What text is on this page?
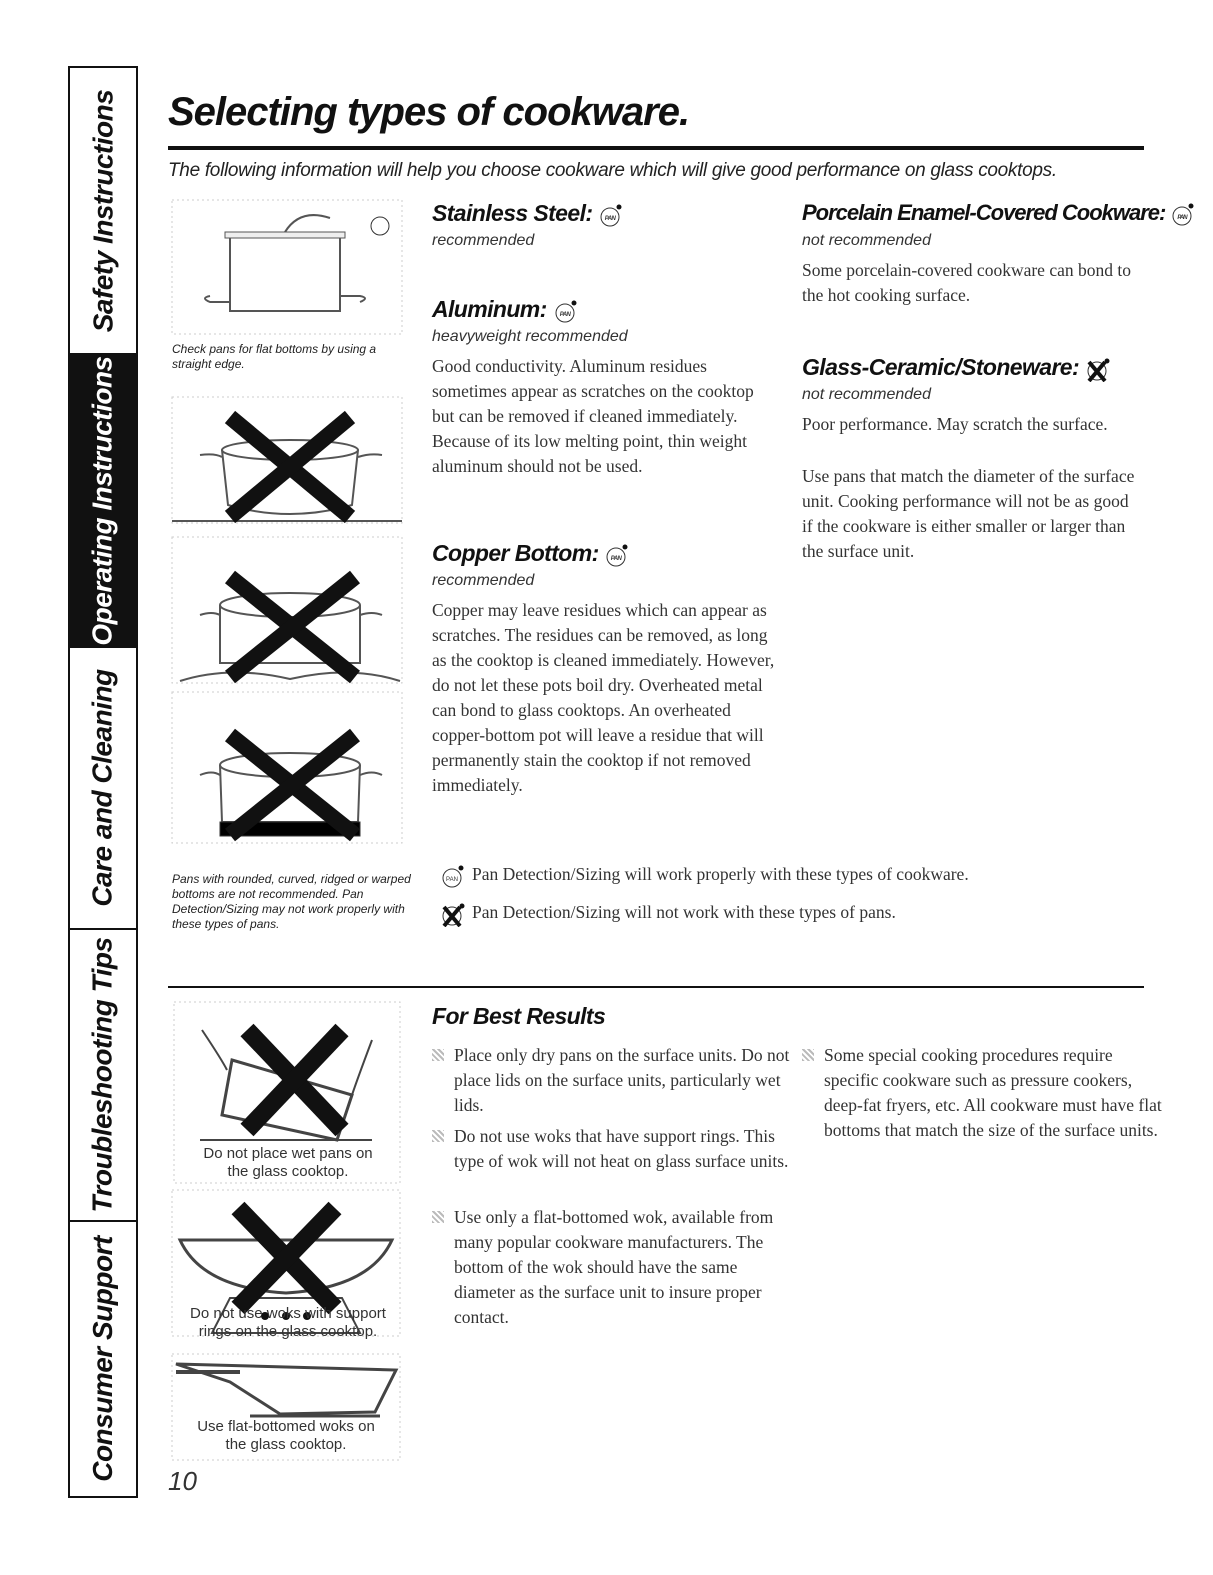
Safety Instructions
Operating Instructions
Care and Cleaning
Troubleshooting Tips
Consumer Support
Selecting types of cookware.
The following information will help you choose cookware which will give good performance on glass cooktops.
Check pans for flat bottoms by using a straight edge.
Pans with rounded, curved, ridged or warped bottoms are not recommended. Pan Detection/Sizing may not work properly with these types of pans.
Stainless Steel: PAN
recommended
Aluminum: PAN
heavyweight recommended
Good conductivity. Aluminum residues sometimes appear as scratches on the cooktop but can be removed if cleaned immediately. Because of its low melting point, thin weight aluminum should not be used.
Copper Bottom: PAN
recommended
Copper may leave residues which can appear as scratches. The residues can be removed, as long as the cooktop is cleaned immediately. However, do not let these pots boil dry. Overheated metal can bond to glass cooktops. An overheated copper-bottom pot will leave a residue that will permanently stain the cooktop if not removed immediately.
Porcelain Enamel-Covered Cookware: PAN
not recommended
Some porcelain-covered cookware can bond to the hot cooking surface.
Glass-Ceramic/Stoneware:
not recommended
Poor performance. May scratch the surface.
Use pans that match the diameter of the surface unit. Cooking performance will not be as good if the cookware is either smaller or larger than the surface unit.
PAN Pan Detection/Sizing will work properly with these types of cookware.
Pan Detection/Sizing will not work with these types of pans.
Do not place wet pans on the glass cooktop.
Do not use woks with support rings on the glass cooktop.
Use flat-bottomed woks on the glass cooktop.
For Best Results
Place only dry pans on the surface units. Do not place lids on the surface units, particularly wet lids.
Do not use woks that have support rings. This type of wok will not heat on glass surface units.
Use only a flat-bottomed wok, available from many popular cookware manufacturers. The bottom of the wok should have the same diameter as the surface unit to insure proper contact.
Some special cooking procedures require specific cookware such as pressure cookers, deep-fat fryers, etc. All cookware must have flat bottoms that match the size of the surface units.
10
